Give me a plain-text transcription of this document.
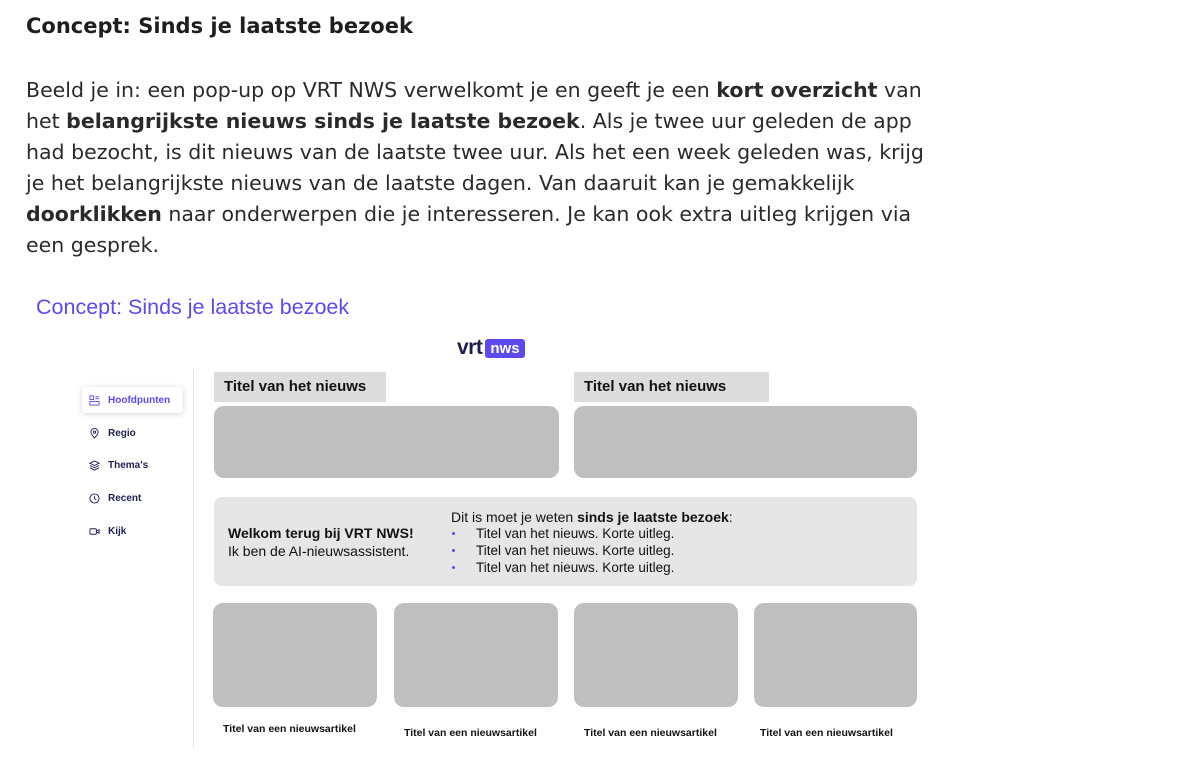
Concept: Sinds je laatste bezoek
Beeld je in: een pop-up op VRT NWS verwelkomt je en geeft je een kort overzicht van het belangrijkste nieuws sinds je laatste bezoek. Als je twee uur geleden de app had bezocht, is dit nieuws van de laatste twee uur. Als het een week geleden was, krijg je het belangrijkste nieuws van de laatste dagen. Van daaruit kan je gemakkelijk doorklikken naar onderwerpen die je interesseren. Je kan ook extra uitleg krijgen via een gesprek.
Concept: Sinds je laatste bezoek
vrt nws
Hoofdpunten
Regio
Thema's
Recent
Kijk
Titel van het nieuws	Titel van het nieuws
Welkom terug bij VRT NWS!
Ik ben de AI-nieuwsassistent.
Dit is moet je weten sinds je laatste bezoek:
Titel van het nieuws. Korte uitleg.
Titel van het nieuws. Korte uitleg.
Titel van het nieuws. Korte uitleg.
Titel van een nieuwsartikel	Titel van een nieuwsartikel	Titel van een nieuwsartikel	Titel van een nieuwsartikel
